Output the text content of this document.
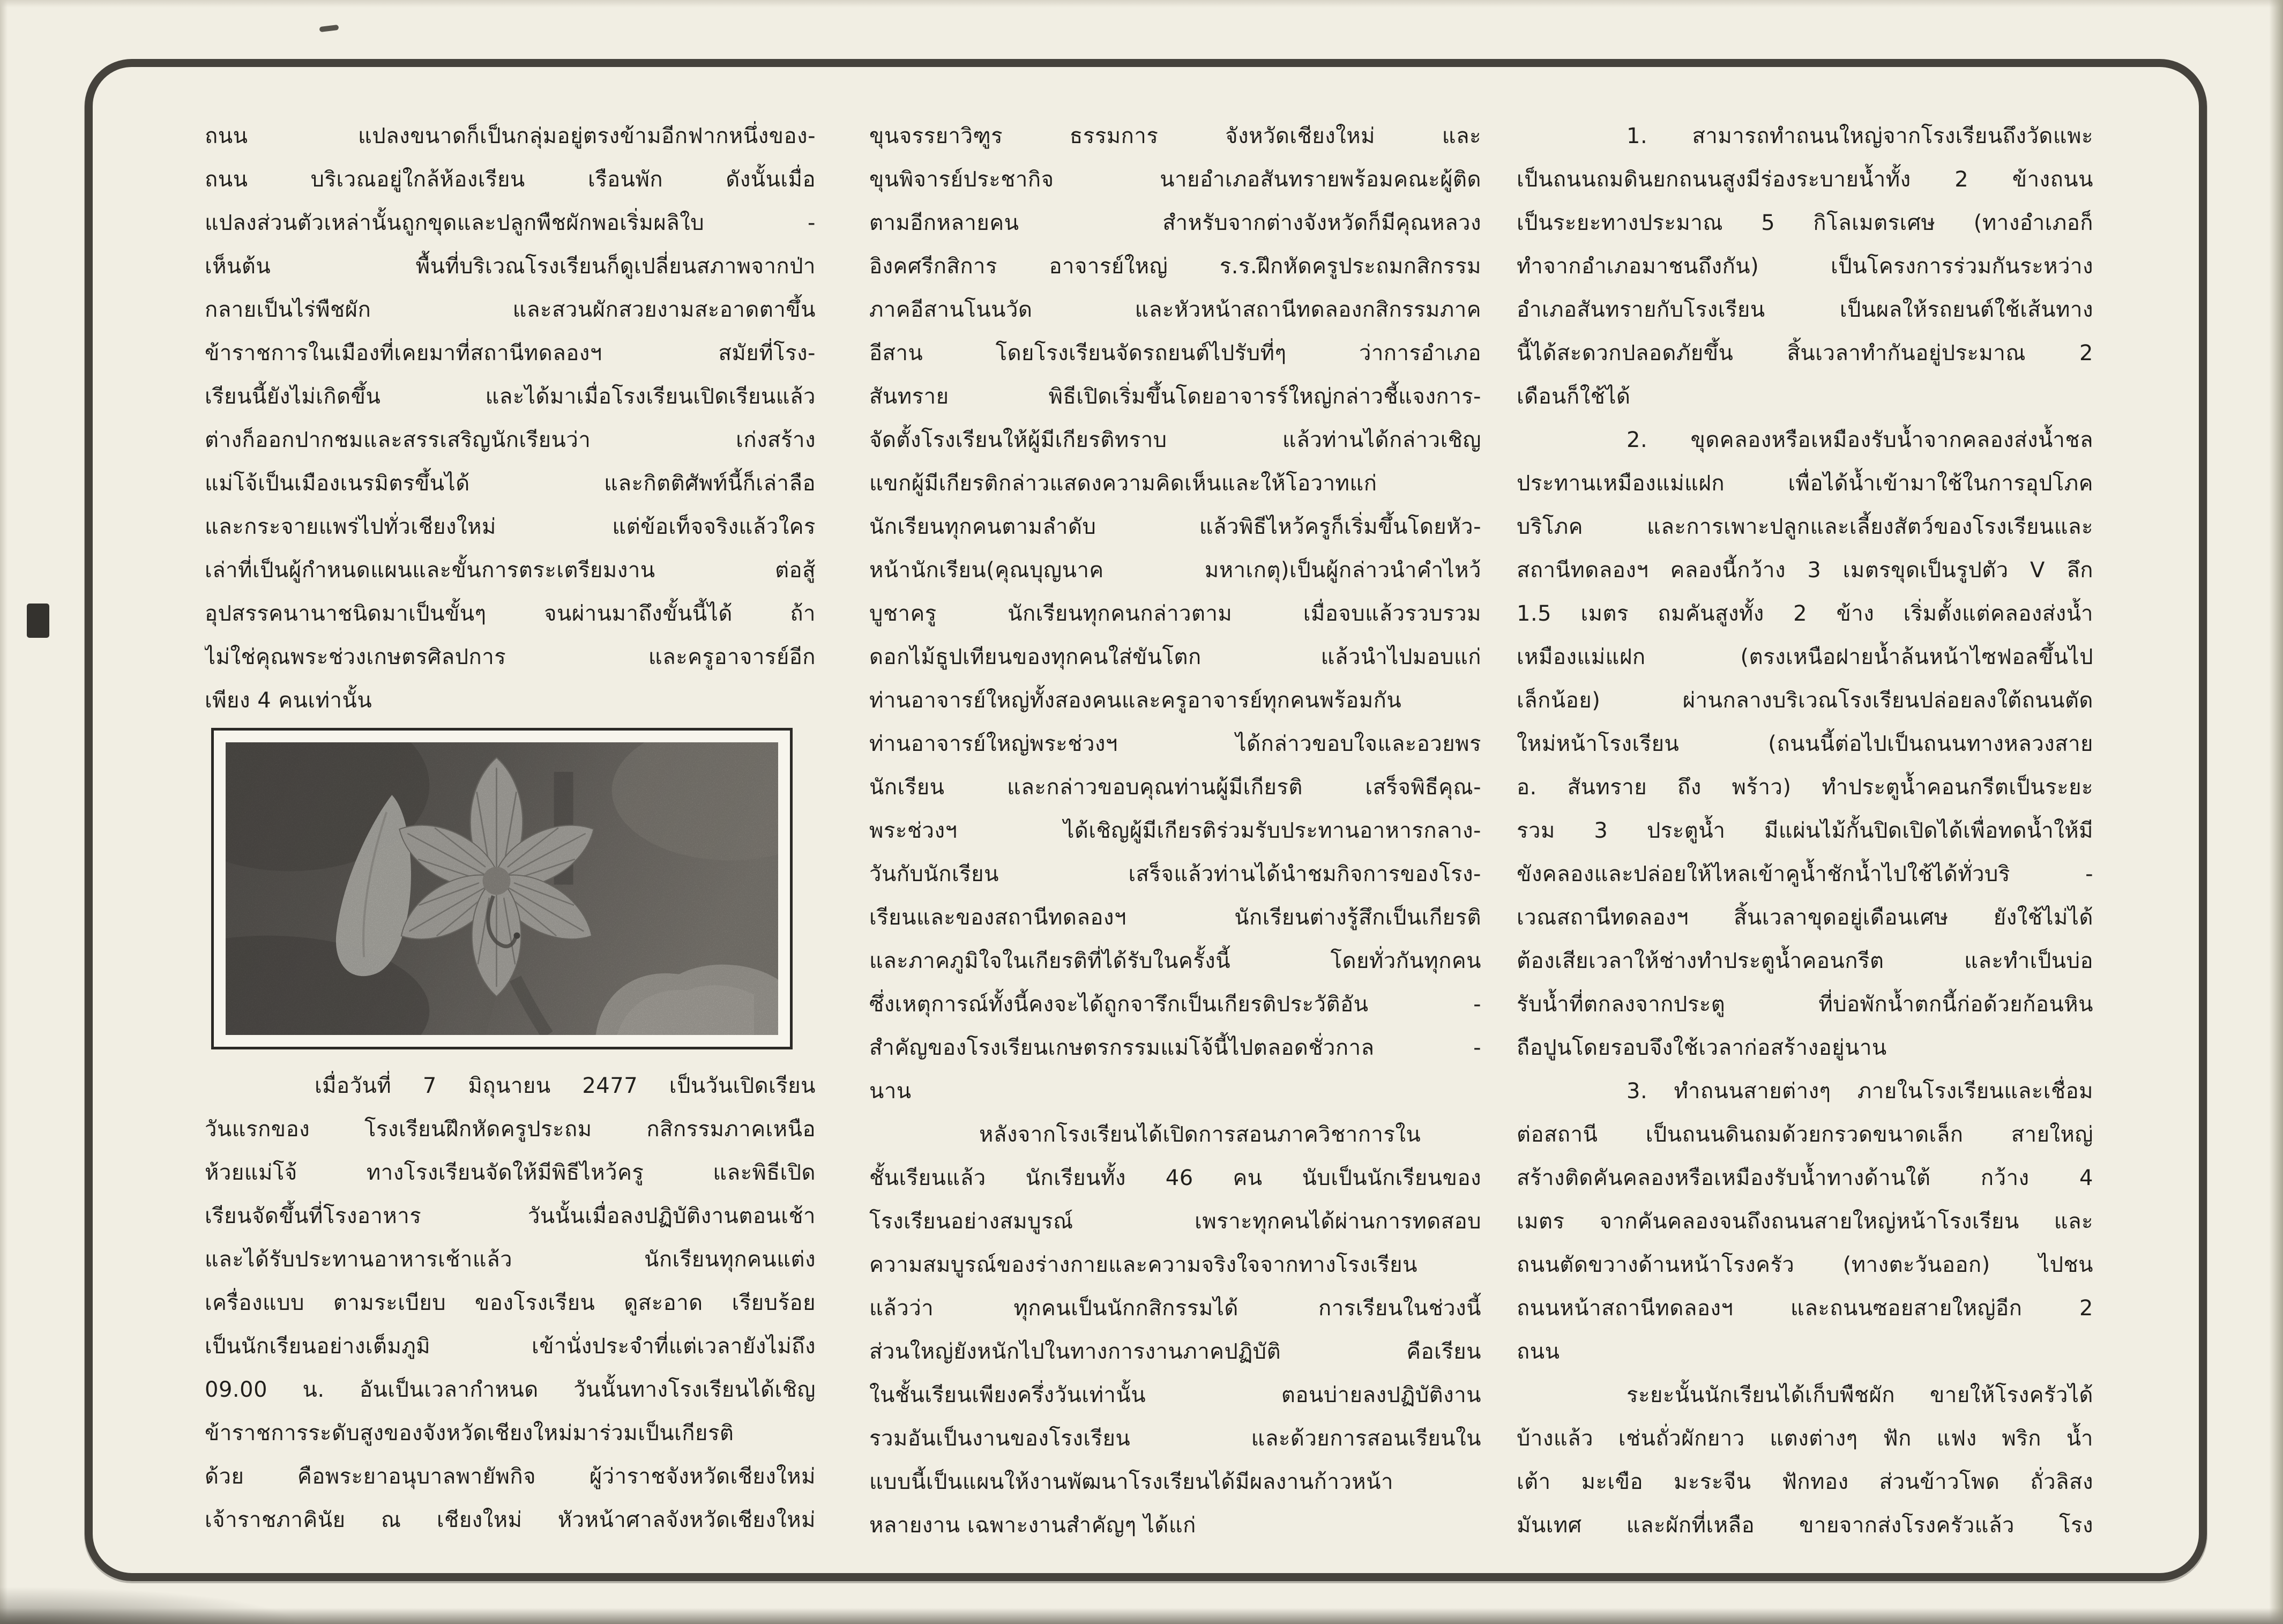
ถนน แปลงขนาดก็เป็นกลุ่มอยู่ตรงข้ามอีกฟากหนึ่งของ-
ถนน บริเวณอยู่ใกล้ห้องเรียน เรือนพัก ดังนั้นเมื่อ
แปลงส่วนตัวเหล่านั้นถูกขุดและปลูกพืชผักพอเริ่มผลิใบ -
เห็นต้น พื้นที่บริเวณโรงเรียนก็ดูเปลี่ยนสภาพจากป่า
กลายเป็นไร่พืชผัก และสวนผักสวยงามสะอาดตาขึ้น
ข้าราชการในเมืองที่เคยมาที่สถานีทดลองฯ สมัยที่โรง-
เรียนนี้ยังไม่เกิดขึ้น และได้มาเมื่อโรงเรียนเปิดเรียนแล้ว
ต่างก็ออกปากชมและสรรเสริญนักเรียนว่า เก่งสร้าง
แม่โจ้เป็นเมืองเนรมิตรขึ้นได้ และกิตติศัพท์นี้ก็เล่าลือ
และกระจายแพร่ไปทั่วเชียงใหม่ แต่ข้อเท็จจริงแล้วใคร
เล่าที่เป็นผู้กำหนดแผนและขั้นการตระเตรียมงาน ต่อสู้
อุปสรรคนานาชนิดมาเป็นขั้นๆ จนผ่านมาถึงขั้นนี้ได้ ถ้า
ไม่ใช่คุณพระช่วงเกษตรศิลปการ และครูอาจารย์อีก
เพียง 4 คนเท่านั้น
เมื่อวันที่ 7 มิถุนายน 2477 เป็นวันเปิดเรียน
วันแรกของ โรงเรียนฝึกหัดครูประถม กสิกรรมภาคเหนือ
ห้วยแม่โจ้ ทางโรงเรียนจัดให้มีพิธีไหว้ครู และพิธีเปิด
เรียนจัดขึ้นที่โรงอาหาร วันนั้นเมื่อลงปฏิบัติงานตอนเช้า
และได้รับประทานอาหารเช้าแล้ว นักเรียนทุกคนแต่ง
เครื่องแบบ ตามระเบียบ ของโรงเรียน ดูสะอาด เรียบร้อย
เป็นนักเรียนอย่างเต็มภูมิ เข้านั่งประจำที่แต่เวลายังไม่ถึง
09.00 น. อันเป็นเวลากำหนด วันนั้นทางโรงเรียนได้เชิญ
ข้าราชการระดับสูงของจังหวัดเชียงใหม่มาร่วมเป็นเกียรติ
ด้วย คือพระยาอนุบาลพายัพกิจ ผู้ว่าราชจังหวัดเชียงใหม่
เจ้าราชภาคินัย ณ เชียงใหม่ หัวหน้าศาลจังหวัดเชียงใหม่
ขุนจรรยาวิฑูร ธรรมการ จังหวัดเชียงใหม่ และ
ขุนพิจารย์ประชากิจ นายอำเภอสันทรายพร้อมคณะผู้ติด
ตามอีกหลายคน สำหรับจากต่างจังหวัดก็มีคุณหลวง
อิงคศรีกสิการ อาจารย์ใหญ่ ร.ร.ฝึกหัดครูประถมกสิกรรม
ภาคอีสานโนนวัด และหัวหน้าสถานีทดลองกสิกรรมภาค
อีสาน โดยโรงเรียนจัดรถยนต์ไปรับที่ๆ ว่าการอำเภอ
สันทราย พิธีเปิดเริ่มขึ้นโดยอาจารร์ใหญ่กล่าวชี้แจงการ-
จัดตั้งโรงเรียนให้ผู้มีเกียรติทราบ แล้วท่านได้กล่าวเชิญ
แขกผู้มีเกียรติกล่าวแสดงความคิดเห็นและให้โอวาทแก่
นักเรียนทุกคนตามลำดับ แล้วพิธีไหว้ครูก็เริ่มขึ้นโดยหัว-
หน้านักเรียน(คุณบุญนาค มหาเกตุ)เป็นผู้กล่าวนำคำไหว้
บูชาครู นักเรียนทุกคนกล่าวตาม เมื่อจบแล้วรวบรวม
ดอกไม้ธูปเทียนของทุกคนใส่ขันโตก แล้วนำไปมอบแก่
ท่านอาจารย์ใหญ่ทั้งสองคนและครูอาจารย์ทุกคนพร้อมกัน
ท่านอาจารย์ใหญ่พระช่วงฯ ได้กล่าวขอบใจและอวยพร
นักเรียน และกล่าวขอบคุณท่านผู้มีเกียรติ เสร็จพิธีคุณ-
พระช่วงฯ ได้เชิญผู้มีเกียรติร่วมรับประทานอาหารกลาง-
วันกับนักเรียน เสร็จแล้วท่านได้นำชมกิจการของโรง-
เรียนและของสถานีทดลองฯ นักเรียนต่างรู้สึกเป็นเกียรติ
และภาคภูมิใจในเกียรติที่ได้รับในครั้งนี้ โดยทั่วกันทุกคน
ซึ่งเหตุการณ์ทั้งนี้คงจะได้ถูกจารึกเป็นเกียรติประวัติอัน -
สำคัญของโรงเรียนเกษตรกรรมแม่โจ้นี้ไปตลอดชั่วกาล -
นาน
หลังจากโรงเรียนได้เปิดการสอนภาควิชาการใน
ชั้นเรียนแล้ว นักเรียนทั้ง 46 คน นับเป็นนักเรียนของ
โรงเรียนอย่างสมบูรณ์ เพราะทุกคนได้ผ่านการทดสอบ
ความสมบูรณ์ของร่างกายและความจริงใจจากทางโรงเรียน
แล้วว่า ทุกคนเป็นนักกสิกรรมได้ การเรียนในช่วงนี้
ส่วนใหญ่ยังหนักไปในทางการงานภาคปฏิบัติ คือเรียน
ในชั้นเรียนเพียงครึ่งวันเท่านั้น ตอนบ่ายลงปฏิบัติงาน
รวมอันเป็นงานของโรงเรียน และด้วยการสอนเรียนใน
แบบนี้เป็นแผนให้งานพัฒนาโรงเรียนได้มีผลงานก้าวหน้า
หลายงาน เฉพาะงานสำคัญๆ ได้แก่
1. สามารถทำถนนใหญ่จากโรงเรียนถึงวัดแพะ
เป็นถนนถมดินยกถนนสูงมีร่องระบายน้ำทั้ง 2 ข้างถนน
เป็นระยะทางประมาณ 5 กิโลเมตรเศษ (ทางอำเภอก็
ทำจากอำเภอมาชนถึงกัน) เป็นโครงการร่วมกันระหว่าง
อำเภอสันทรายกับโรงเรียน เป็นผลให้รถยนต์ใช้เส้นทาง
นี้ได้สะดวกปลอดภัยขึ้น สิ้นเวลาทำกันอยู่ประมาณ 2
เดือนก็ใช้ได้
2. ขุดคลองหรือเหมืองรับน้ำจากคลองส่งน้ำชล
ประทานเหมืองแม่แฝก เพื่อได้น้ำเข้ามาใช้ในการอุปโภค
บริโภค และการเพาะปลูกและเลี้ยงสัตว์ของโรงเรียนและ
สถานีทดลองฯ คลองนี้กว้าง 3 เมตรขุดเป็นรูปตัว V ลึก
1.5 เมตร ถมคันสูงทั้ง 2 ข้าง เริ่มตั้งแต่คลองส่งน้ำ
เหมืองแม่แฝก (ตรงเหนือฝายน้ำล้นหน้าไซฟอลขึ้นไป
เล็กน้อย) ผ่านกลางบริเวณโรงเรียนปล่อยลงใต้ถนนตัด
ใหม่หน้าโรงเรียน (ถนนนี้ต่อไปเป็นถนนทางหลวงสาย
อ. สันทราย ถึง พร้าว) ทำประตูน้ำคอนกรีตเป็นระยะ
รวม 3 ประตูน้ำ มีแผ่นไม้กั้นปิดเปิดได้เพื่อทดน้ำให้มี
ขังคลองและปล่อยให้ไหลเข้าคูน้ำชักน้ำไปใช้ได้ทั่วบริ -
เวณสถานีทดลองฯ สิ้นเวลาขุดอยู่เดือนเศษ ยังใช้ไม่ได้
ต้องเสียเวลาให้ช่างทำประตูน้ำคอนกรีต และทำเป็นบ่อ
รับน้ำที่ตกลงจากประตู ที่บ่อพักน้ำตกนี้ก่อด้วยก้อนหิน
ถือปูนโดยรอบจึงใช้เวลาก่อสร้างอยู่นาน
3. ทำถนนสายต่างๆ ภายในโรงเรียนและเชื่อม
ต่อสถานี เป็นถนนดินถมด้วยกรวดขนาดเล็ก สายใหญ่
สร้างติดคันคลองหรือเหมืองรับน้ำทางด้านใต้ กว้าง 4
เมตร จากคันคลองจนถึงถนนสายใหญ่หน้าโรงเรียน และ
ถนนตัดขวางด้านหน้าโรงครัว (ทางตะวันออก) ไปชน
ถนนหน้าสถานีทดลองฯ และถนนซอยสายใหญ่อีก 2
ถนน
ระยะนั้นนักเรียนได้เก็บพืชผัก ขายให้โรงครัวได้
บ้างแล้ว เช่นถั่วผักยาว แตงต่างๆ ฟัก แฟง พริก น้ำ
เต้า มะเขือ มะระจีน ฟักทอง ส่วนข้าวโพด ถั่วลิสง
มันเทศ และผักที่เหลือ ขายจากส่งโรงครัวแล้ว โรง
